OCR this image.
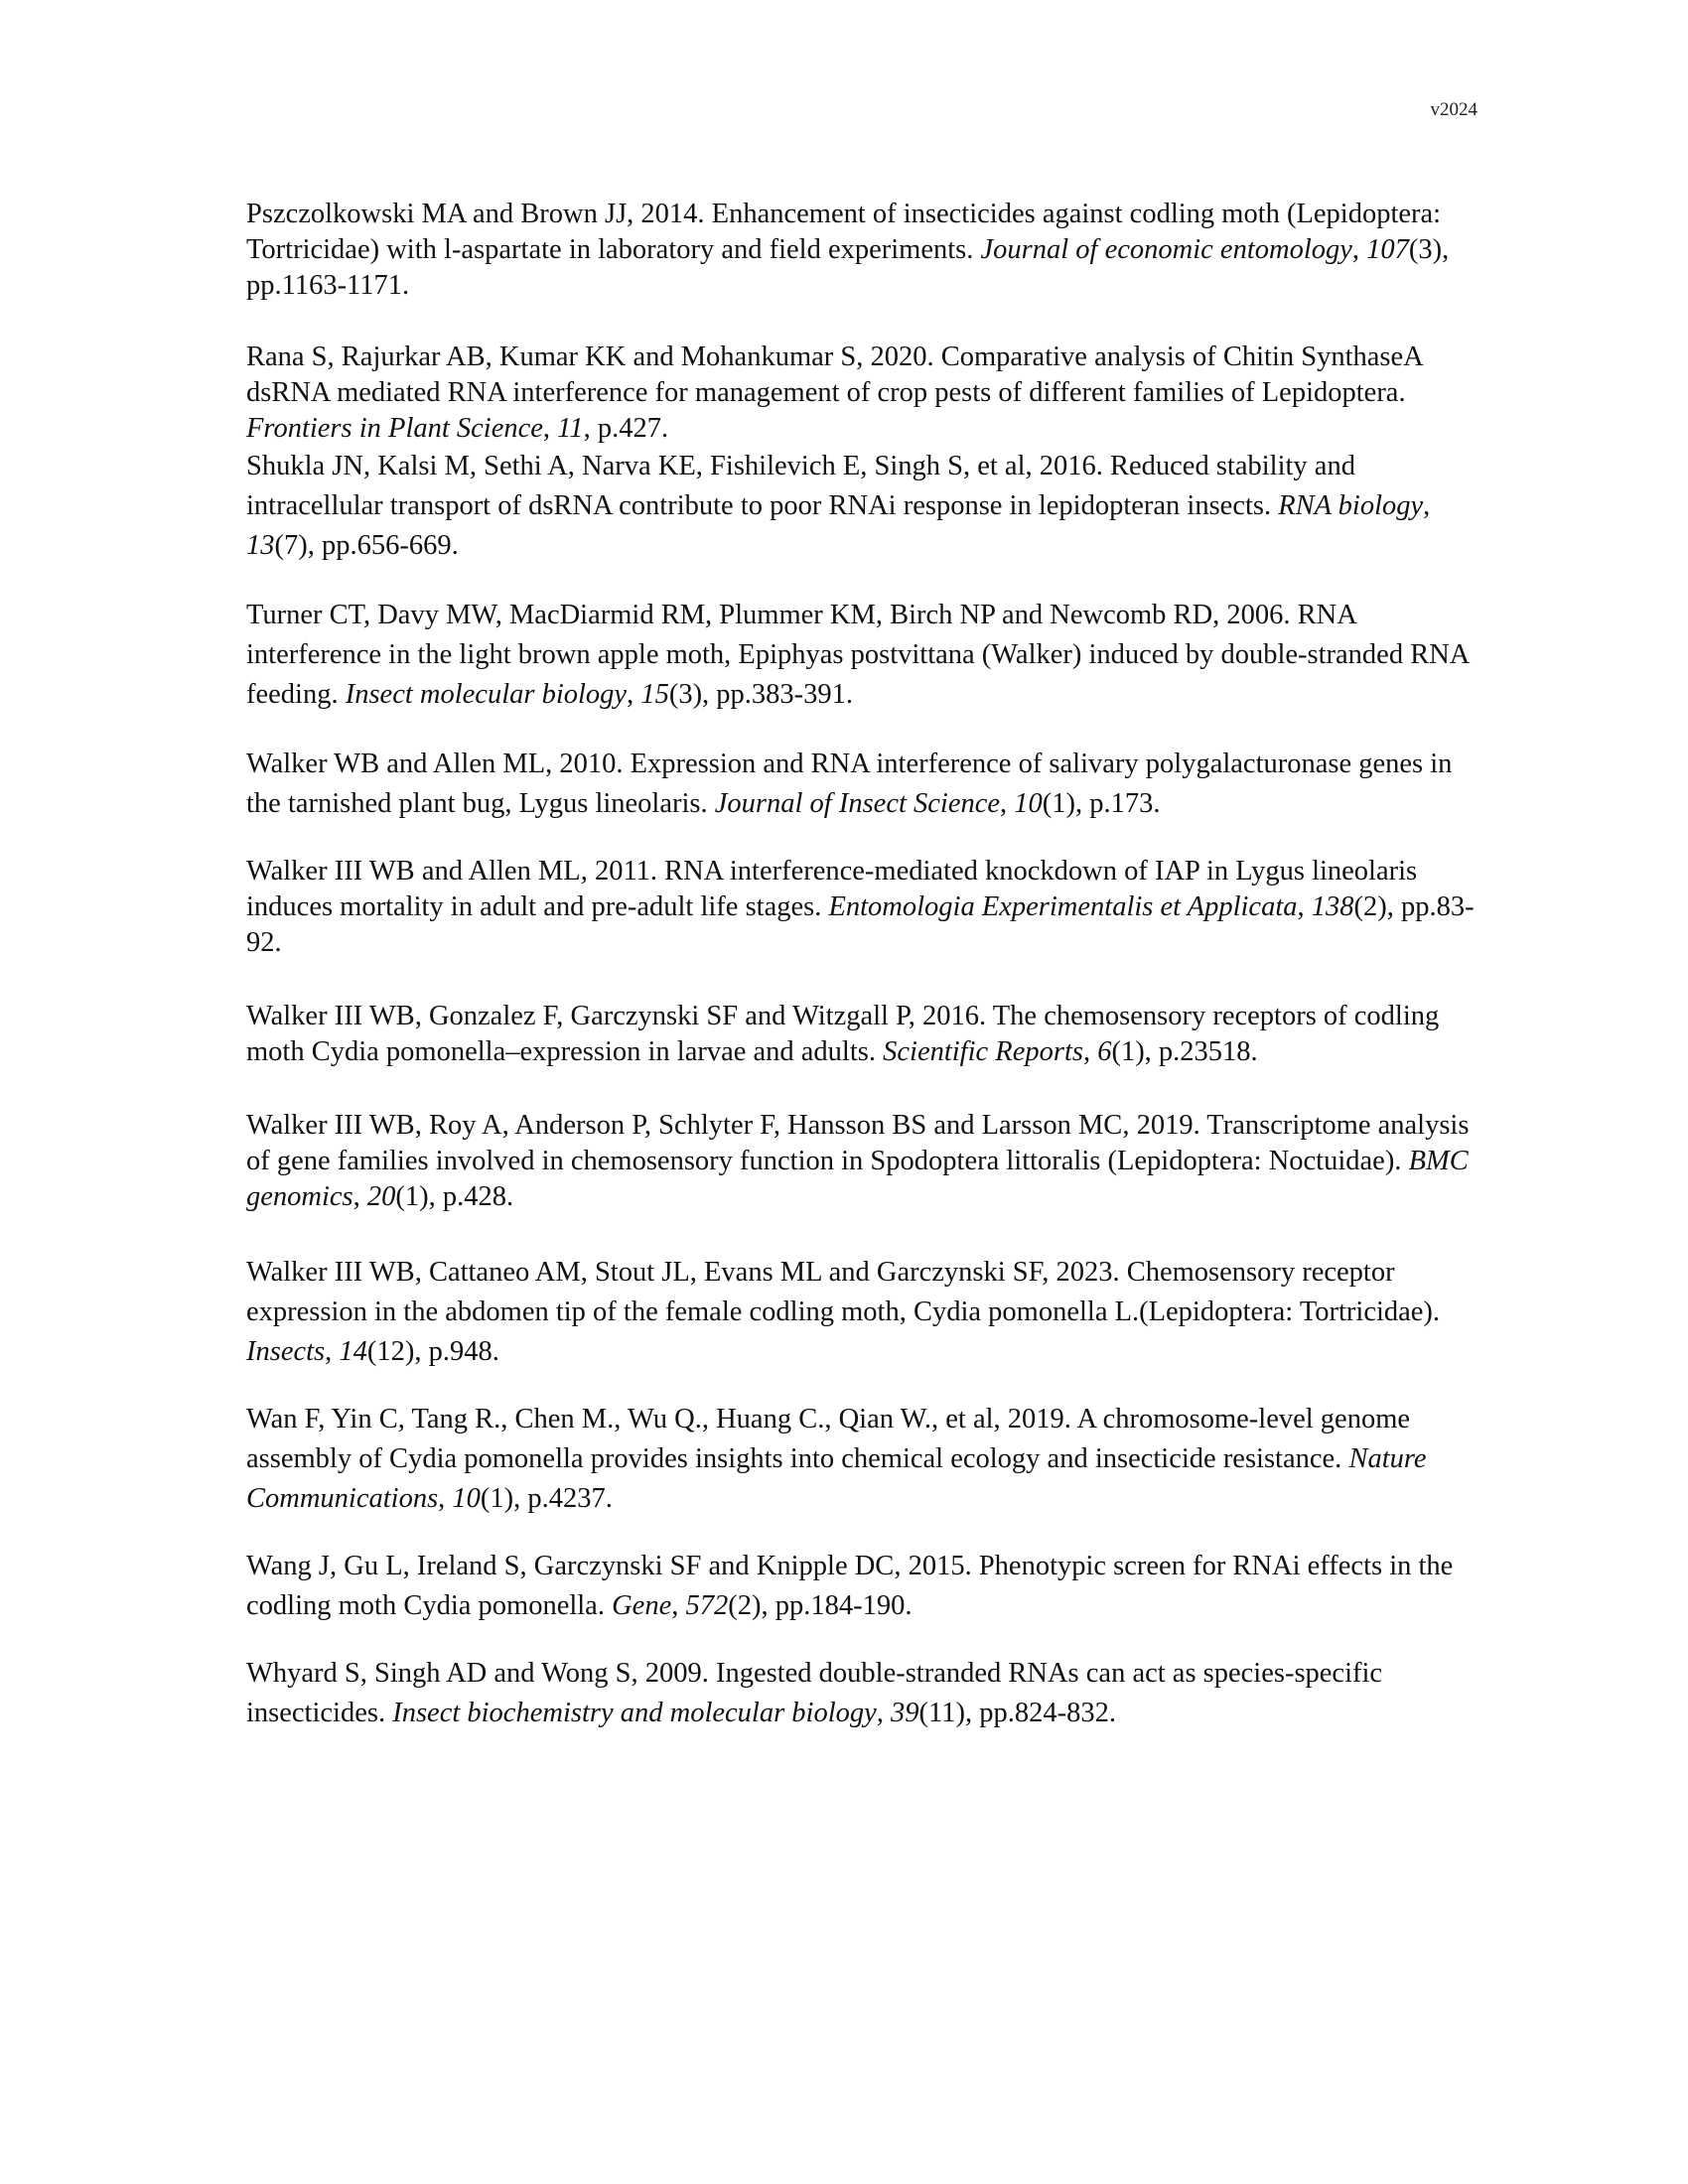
v2024

Pszczolkowski MA and Brown JJ, 2014. Enhancement of insecticides against codling moth (Lepidoptera: Tortricidae) with l-aspartate in laboratory and field experiments. Journal of economic entomology, 107(3), pp.1163-1171.

Rana S, Rajurkar AB, Kumar KK and Mohankumar S, 2020. Comparative analysis of Chitin SynthaseA dsRNA mediated RNA interference for management of crop pests of different families of Lepidoptera. Frontiers in Plant Science, 11, p.427.

Shukla JN, Kalsi M, Sethi A, Narva KE, Fishilevich E, Singh S, et al, 2016. Reduced stability and intracellular transport of dsRNA contribute to poor RNAi response in lepidopteran insects. RNA biology, 13(7), pp.656-669.

Turner CT, Davy MW, MacDiarmid RM, Plummer KM, Birch NP and Newcomb RD, 2006. RNA interference in the light brown apple moth, Epiphyas postvittana (Walker) induced by double-stranded RNA feeding. Insect molecular biology, 15(3), pp.383-391.

Walker WB and Allen ML, 2010. Expression and RNA interference of salivary polygalacturonase genes in the tarnished plant bug, Lygus lineolaris. Journal of Insect Science, 10(1), p.173.

Walker III WB and Allen ML, 2011. RNA interference-mediated knockdown of IAP in Lygus lineolaris induces mortality in adult and pre-adult life stages. Entomologia Experimentalis et Applicata, 138(2), pp.83-92.

Walker III WB, Gonzalez F, Garczynski SF and Witzgall P, 2016. The chemosensory receptors of codling moth Cydia pomonella–expression in larvae and adults. Scientific Reports, 6(1), p.23518.

Walker III WB, Roy A, Anderson P, Schlyter F, Hansson BS and Larsson MC, 2019. Transcriptome analysis of gene families involved in chemosensory function in Spodoptera littoralis (Lepidoptera: Noctuidae). BMC genomics, 20(1), p.428.

Walker III WB, Cattaneo AM, Stout JL, Evans ML and Garczynski SF, 2023. Chemosensory receptor expression in the abdomen tip of the female codling moth, Cydia pomonella L.(Lepidoptera: Tortricidae). Insects, 14(12), p.948.

Wan F, Yin C, Tang R., Chen M., Wu Q., Huang C., Qian W., et al, 2019. A chromosome-level genome assembly of Cydia pomonella provides insights into chemical ecology and insecticide resistance. Nature Communications, 10(1), p.4237.

Wang J, Gu L, Ireland S, Garczynski SF and Knipple DC, 2015. Phenotypic screen for RNAi effects in the codling moth Cydia pomonella. Gene, 572(2), pp.184-190.

Whyard S, Singh AD and Wong S, 2009. Ingested double-stranded RNAs can act as species-specific insecticides. Insect biochemistry and molecular biology, 39(11), pp.824-832.
